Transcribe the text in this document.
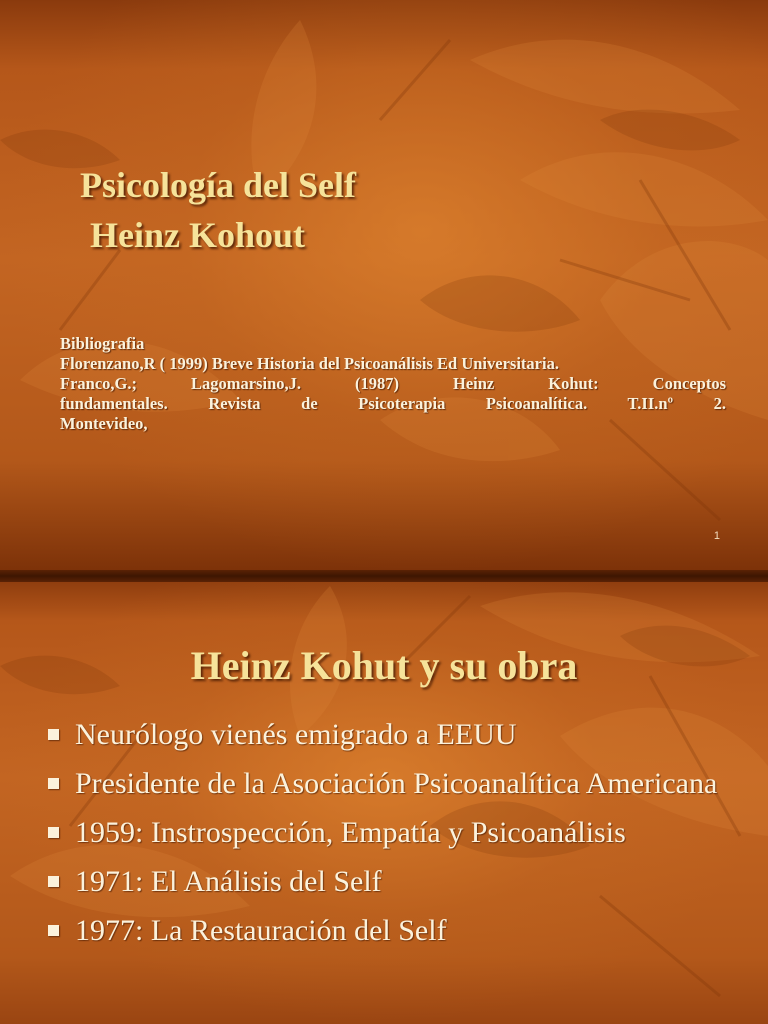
Psicología del Self
Heinz Kohout

Bibliografia

Florenzano,R ( 1999) Breve Historia del Psicoanálisis Ed Universitaria.

Franco,G.; Lagomarsino,J. (1987) Heinz Kohut: Conceptos

fundamentales. Revista de Psicoterapia Psicoanalítica. T.II.nº 2.

Montevideo,

1
Heinz Kohut y su obra
Neurólogo vienés emigrado a EEUU
Presidente de la Asociación Psicoanalítica Americana
1959: Instrospección, Empatía y Psicoanálisis
1971: El Análisis del Self
1977: La Restauración del Self
